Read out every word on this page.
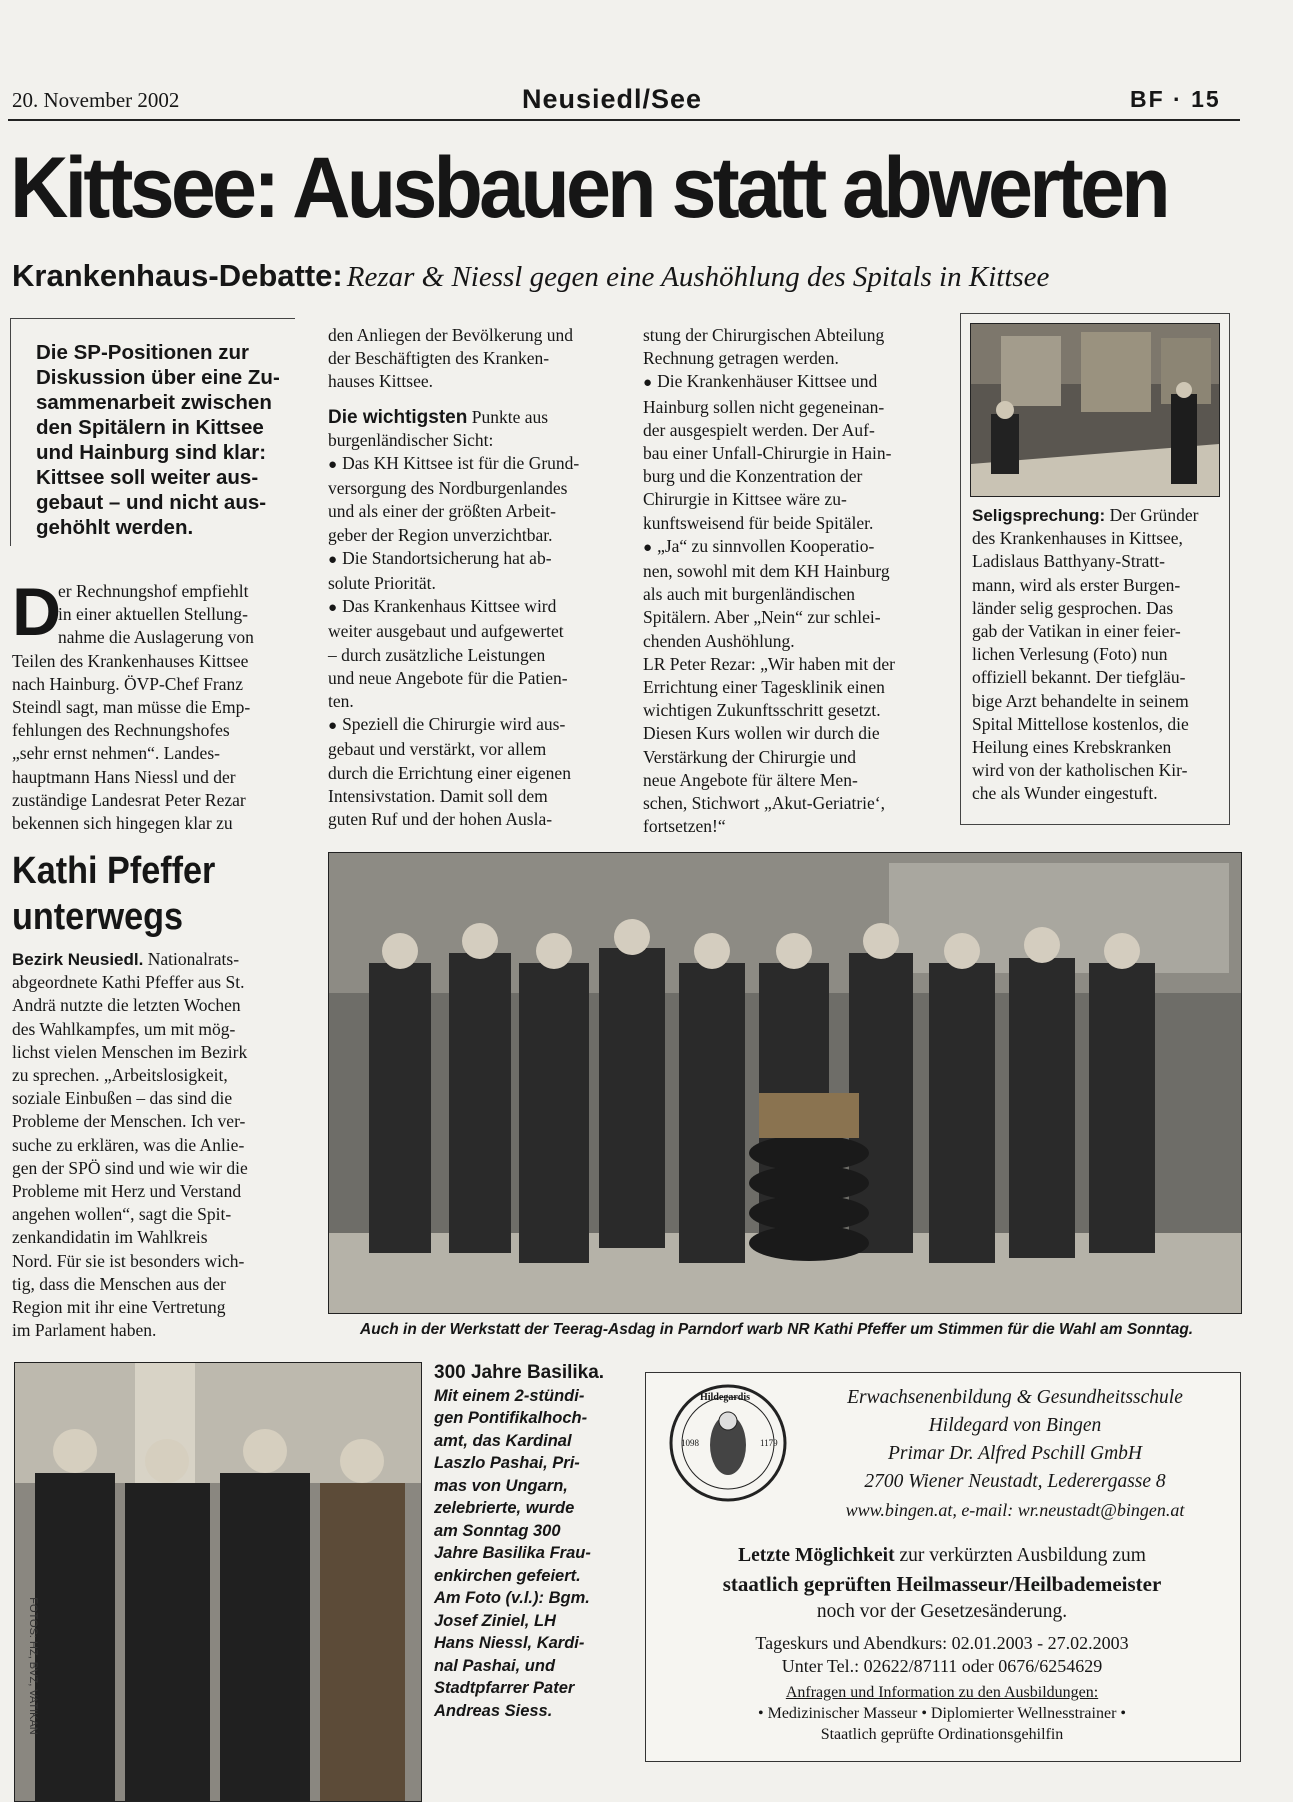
20. November 2002	Neusiedl/See	BF · 15
Kittsee: Ausbauen statt abwerten
Krankenhaus-Debatte: Rezar & Niessl gegen eine Aushöhlung des Spitals in Kittsee
Die SP-Positionen zur
Diskussion über eine Zu-
sammenarbeit zwischen
den Spitälern in Kittsee
und Hainburg sind klar:
Kittsee soll weiter aus-
gebaut – und nicht aus-
gehöhlt werden.
D

er Rechnungshof empfiehlt

in einer aktuellen Stellung-

nahme die Auslagerung von

Teilen des Krankenhauses Kittsee

nach Hainburg. ÖVP-Chef Franz

Steindl sagt, man müsse die Emp-

fehlungen des Rechnungshofes

„sehr ernst nehmen“. Landes-

hauptmann Hans Niessl und der

zuständige Landesrat Peter Rezar

bekennen sich hingegen klar zu

den Anliegen der Bevölkerung und

der Beschäftigten des Kranken-

hauses Kittsee.

Die wichtigsten Punkte aus

burgenländischer Sicht:

● Das KH Kittsee ist für die Grund-

versorgung des Nordburgenlandes

und als einer der größten Arbeit-

geber der Region unverzichtbar.

● Die Standortsicherung hat ab-

solute Priorität.

● Das Krankenhaus Kittsee wird

weiter ausgebaut und aufgewertet

– durch zusätzliche Leistungen

und neue Angebote für die Patien-

ten.

● Speziell die Chirurgie wird aus-

gebaut und verstärkt, vor allem

durch die Errichtung einer eigenen

Intensivstation. Damit soll dem

guten Ruf und der hohen Ausla-

stung der Chirurgischen Abteilung

Rechnung getragen werden.

● Die Krankenhäuser Kittsee und

Hainburg sollen nicht gegeneinan-

der ausgespielt werden. Der Auf-

bau einer Unfall-Chirurgie in Hain-

burg und die Konzentration der

Chirurgie in Kittsee wäre zu-

kunftsweisend für beide Spitäler.

● „Ja“ zu sinnvollen Kooperatio-

nen, sowohl mit dem KH Hainburg

als auch mit burgenländischen

Spitälern. Aber „Nein“ zur schlei-

chenden Aushöhlung.

LR Peter Rezar: „Wir haben mit der

Errichtung einer Tagesklinik einen

wichtigen Zukunftsschritt gesetzt.

Diesen Kurs wollen wir durch die

Verstärkung der Chirurgie und

neue Angebote für ältere Men-

schen, Stichwort „Akut-Geriatrie‘,

fortsetzen!“

Seligsprechung: Der Gründer

des Krankenhauses in Kittsee,

Ladislaus Batthyany-Stratt-

mann, wird als erster Burgen-

länder selig gesprochen. Das

gab der Vatikan in einer feier-

lichen Verlesung (Foto) nun

offiziell bekannt. Der tiefgläu-

bige Arzt behandelte in seinem

Spital Mittellose kostenlos, die

Heilung eines Krebskranken

wird von der katholischen Kir-

che als Wunder eingestuft.

Kathi Pfeffer
unterwegs

Bezirk Neusiedl. Nationalrats-

abgeordnete Kathi Pfeffer aus St.

Andrä nutzte die letzten Wochen

des Wahlkampfes, um mit mög-

lichst vielen Menschen im Bezirk

zu sprechen. „Arbeitslosigkeit,

soziale Einbußen – das sind die

Probleme der Menschen. Ich ver-

suche zu erklären, was die Anlie-

gen der SPÖ sind und wie wir die

Probleme mit Herz und Verstand

angehen wollen“, sagt die Spit-

zenkandidatin im Wahlkreis

Nord. Für sie ist besonders wich-

tig, dass die Menschen aus der

Region mit ihr eine Vertretung

im Parlament haben.	Auch in der Werkstatt der Teerag-Asdag in Parndorf warb NR Kathi Pfeffer um Stimmen für die Wahl am Sonntag.
FOTOS: HZ, BVZ, VATIKAN
300 Jahre Basilika.
Mit einem 2-stündi-
gen Pontifikalhoch-
amt, das Kardinal
Laszlo Pashai, Pri-
mas von Ungarn,
zelebrierte, wurde
am Sonntag 300
Jahre Basilika Frau-
enkirchen gefeiert.
Am Foto (v.l.): Bgm.
Josef Ziniel, LH
Hans Niessl, Kardi-
nal Pashai, und
Stadtpfarrer Pater
Andreas Siess.
Hildegardis
1098	1179
Erwachsenenbildung & Gesundheitsschule
Hildegard von Bingen
Primar Dr. Alfred Pschill GmbH
2700 Wiener Neustadt, Lederergasse 8
www.bingen.at, e-mail: wr.neustadt@bingen.at
Letzte Möglichkeit zur verkürzten Ausbildung zum
staatlich geprüften Heilmasseur/Heilbademeister
noch vor der Gesetzesänderung.
Tageskurs und Abendkurs: 02.01.2003 - 27.02.2003
Unter Tel.: 02622/87111 oder 0676/6254629
Anfragen und Information zu den Ausbildungen:
• Medizinischer Masseur • Diplomierter Wellnesstrainer •
Staatlich geprüfte Ordinationsgehilfin
